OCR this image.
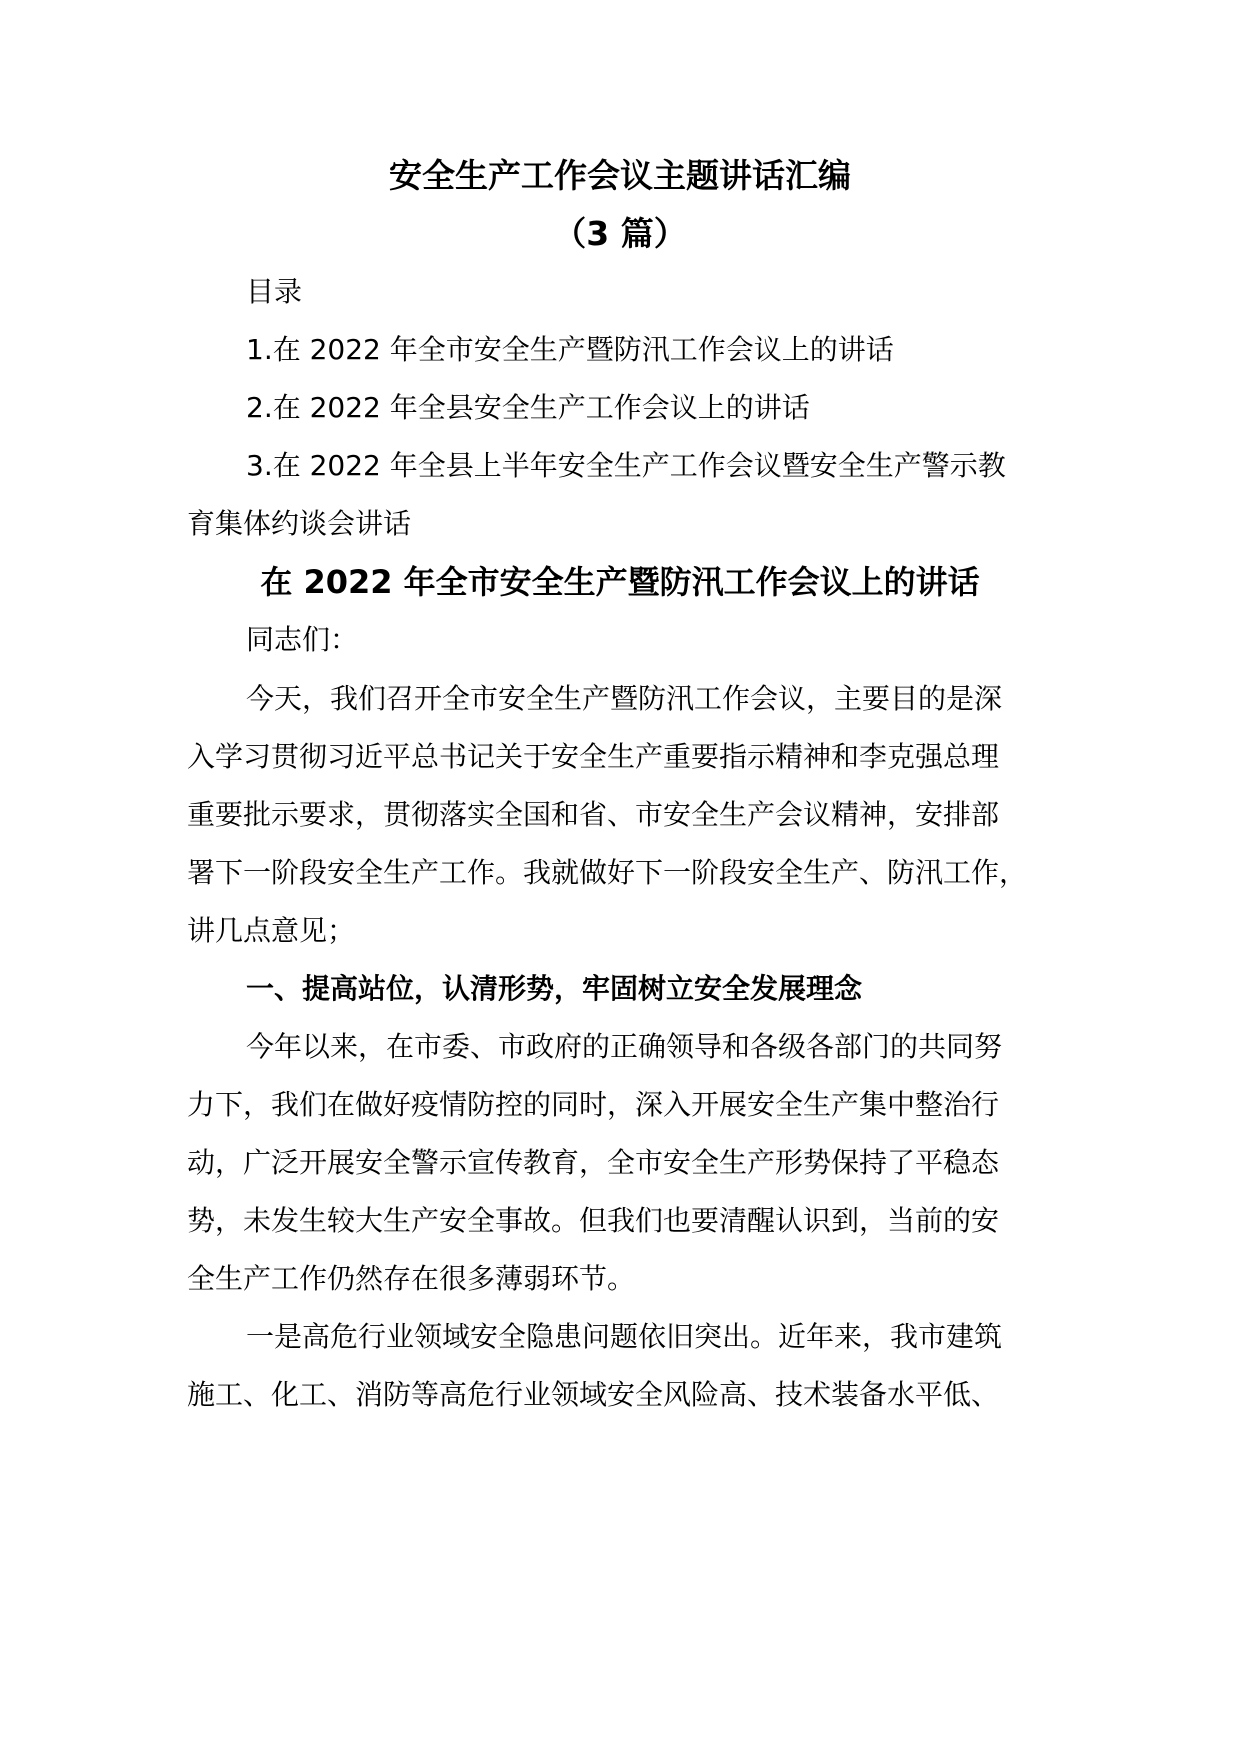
安全生产工作会议主题讲话汇编
（3 篇）

目录

1.在 2022 年全市安全生产暨防汛工作会议上的讲话

2.在 2022 年全县安全生产工作会议上的讲话

3.在 2022 年全县上半年安全生产工作会议暨安全生产警示教

育集体约谈会讲话

在 2022 年全市安全生产暨防汛工作会议上的讲话

同志们：

今天，我们召开全市安全生产暨防汛工作会议，主要目的是深

入学习贯彻习近平总书记关于安全生产重要指示精神和李克强总理

重要批示要求，贯彻落实全国和省、市安全生产会议精神，安排部

署下一阶段安全生产工作。我就做好下一阶段安全生产、防汛工作，

讲几点意见；

一、提高站位，认清形势，牢固树立安全发展理念

今年以来，在市委、市政府的正确领导和各级各部门的共同努

力下，我们在做好疫情防控的同时，深入开展安全生产集中整治行

动，广泛开展安全警示宣传教育，全市安全生产形势保持了平稳态

势，未发生较大生产安全事故。但我们也要清醒认识到，当前的安

全生产工作仍然存在很多薄弱环节。

一是高危行业领域安全隐患问题依旧突出。近年来，我市建筑

施工、化工、消防等高危行业领域安全风险高、技术装备水平低、
